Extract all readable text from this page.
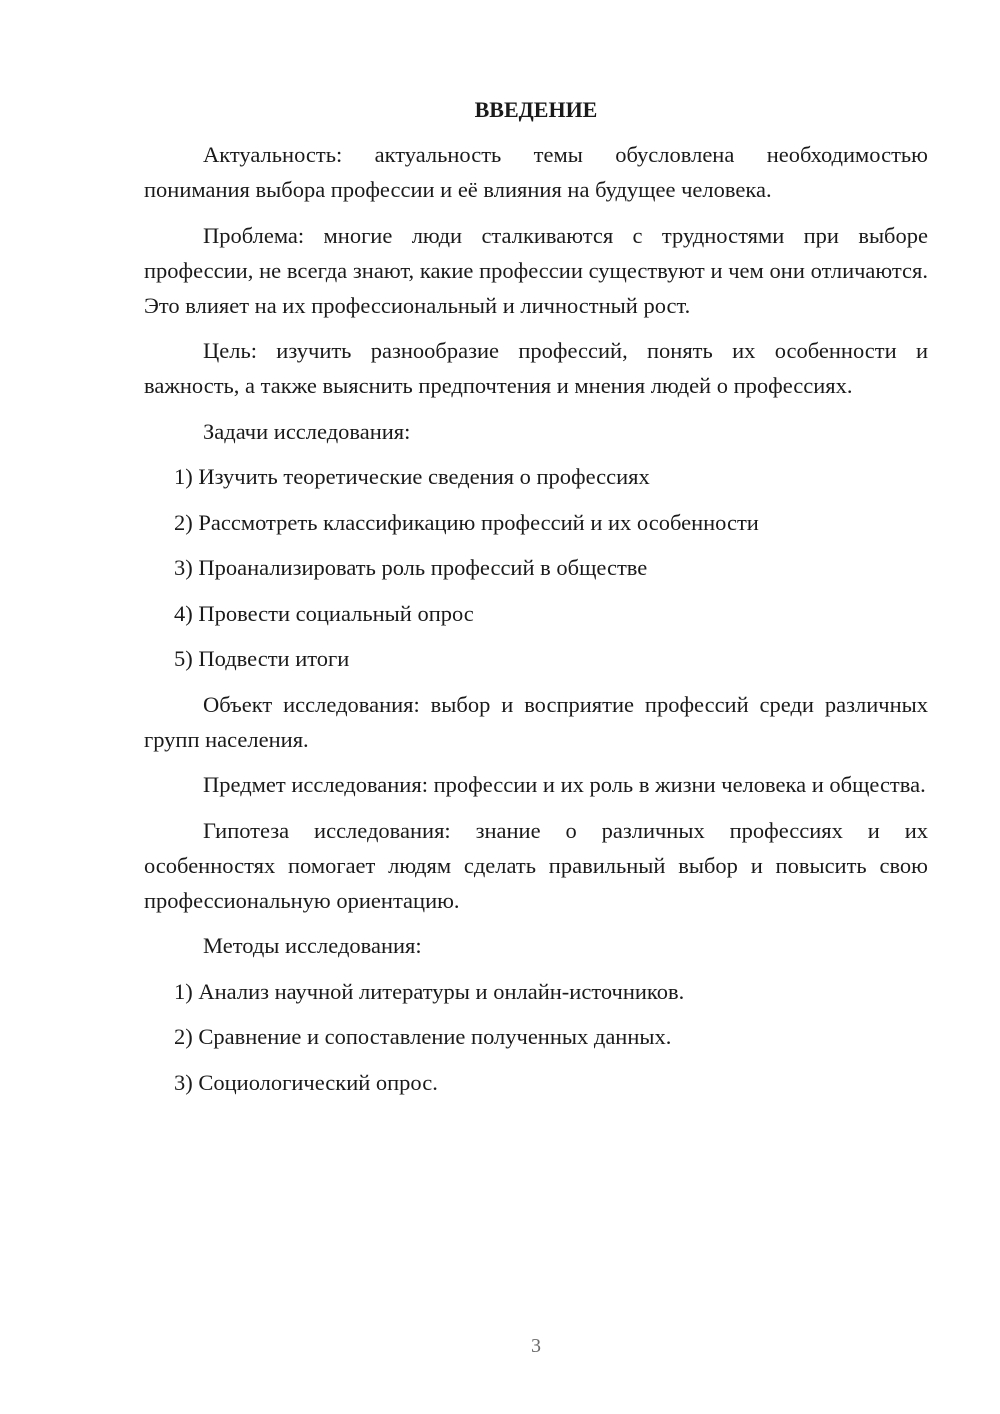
ВВЕДЕНИЕ

Актуальность: актуальность темы обусловлена необходимостью понимания выбора профессии и её влияния на будущее человека.

Проблема: многие люди сталкиваются с трудностями при выборе профессии, не всегда знают, какие профессии существуют и чем они отличаются. Это влияет на их профессиональный и личностный рост.

Цель: изучить разнообразие профессий, понять их особенности и важность, а также выяснить предпочтения и мнения людей о профессиях.

Задачи исследования:

1) Изучить теоретические сведения о профессиях
2) Рассмотреть классификацию профессий и их особенности
3) Проанализировать роль профессий в обществе
4) Провести социальный опрос
5) Подвести итоги

Объект исследования: выбор и восприятие профессий среди различных групп населения.

Предмет исследования: профессии и их роль в жизни человека и общества.

Гипотеза исследования: знание о различных профессиях и их особенностях помогает людям сделать правильный выбор и повысить свою профессиональную ориентацию.

Методы исследования:

1) Анализ научной литературы и онлайн-источников.
2) Сравнение и сопоставление полученных данных.
3) Социологический опрос.
3
